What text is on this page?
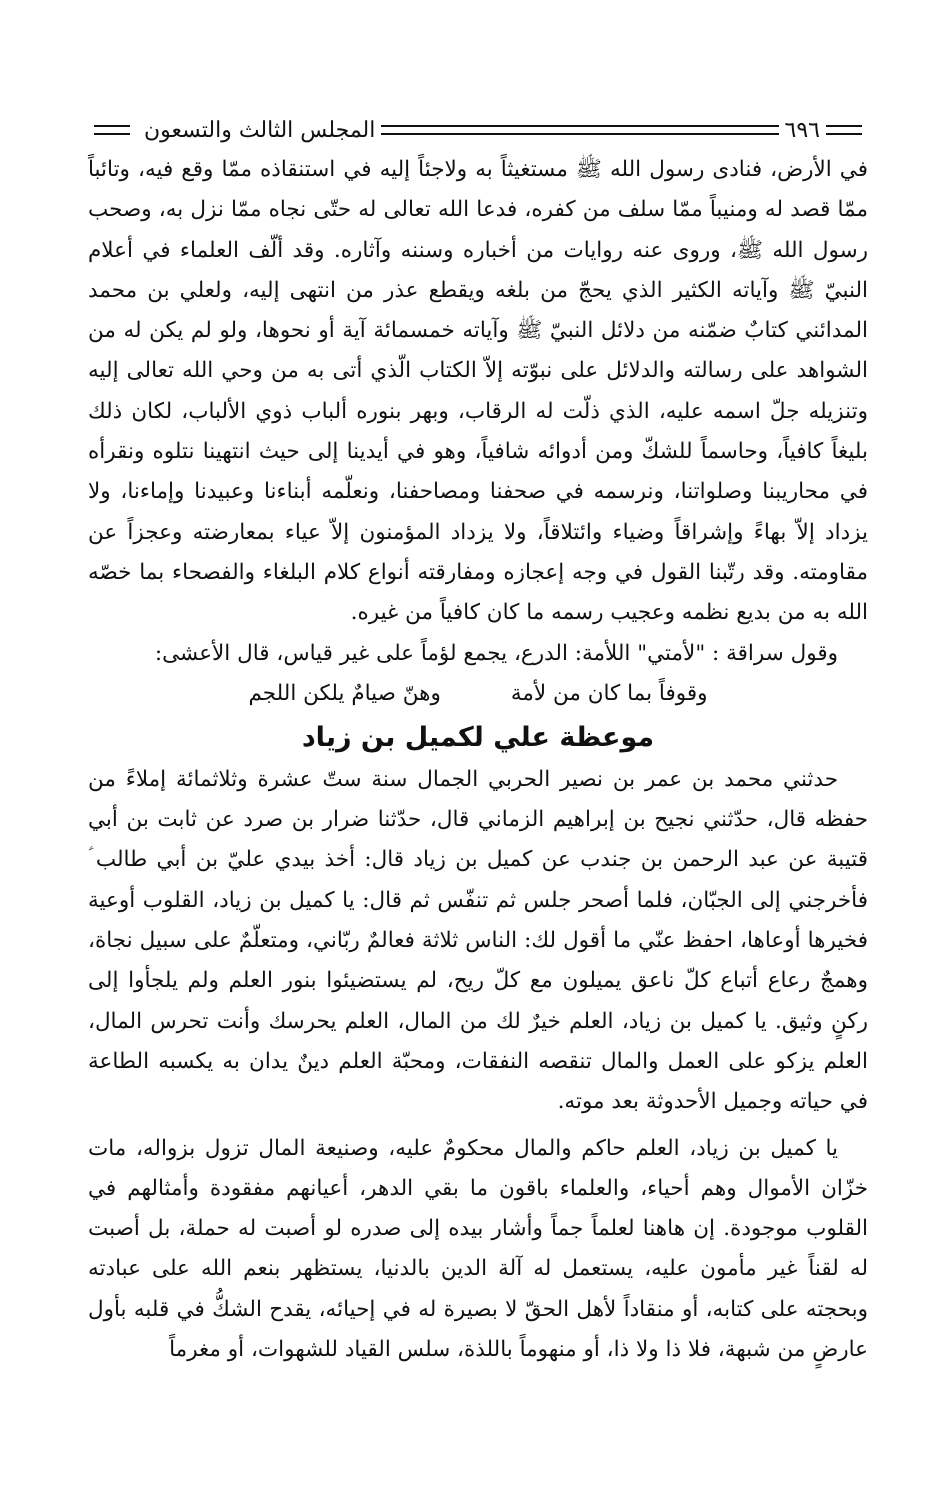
٦٩٦
المجلس الثالث والتسعون

في الأرض، فنادى رسول الله ﷺ مستغيثاً به ولاجئاً إليه في استنقاذه ممّا وقع فيه، وتائباً ممّا قصد له ومنيباً ممّا سلف من كفره، فدعا الله تعالى له حتّى نجاه ممّا نزل به، وصحب رسول الله ﷺ، وروى عنه روايات من أخباره وسننه وآثاره. وقد ألّف العلماء في أعلام النبيّ ﷺ وآياته الكثير الذي يحجّ من بلغه ويقطع عذر من انتهى إليه، ولعلي بن محمد المدائني كتابٌ ضمّنه من دلائل النبيّ ﷺ وآياته خمسمائة آية أو نحوها، ولو لم يكن له من الشواهد على رسالته والدلائل على نبوّته إلاّ الكتاب الّذي أتى به من وحي الله تعالى إليه وتنزيله جلّ اسمه عليه، الذي ذلّت له الرقاب، وبهر بنوره ألباب ذوي الألباب، لكان ذلك بليغاً كافياً، وحاسماً للشكّ ومن أدوائه شافياً، وهو في أيدينا إلى حيث انتهينا نتلوه ونقرأه في محاريبنا وصلواتنا، ونرسمه في صحفنا ومصاحفنا، ونعلّمه أبناءنا وعبيدنا وإماءنا، ولا يزداد إلاّ بهاءً وإشراقاً وضياء وائتلاقاً، ولا يزداد المؤمنون إلاّ عياء بمعارضته وعجزاً عن مقاومته. وقد رتّبنا القول في وجه إعجازه ومفارقته أنواع كلام البلغاء والفصحاء بما خصّه الله به من بديع نظمه وعجيب رسمه ما كان كافياً من غيره.

وقول سراقة : "لأمتي" اللأمة: الدرع، يجمع لؤماً على غير قياس، قال الأعشى:

وقوفاً بما كان من لأمة
وهنّ صيامٌ يلكن اللجم
موعظة علي لكميل بن زياد

حدثني محمد بن عمر بن نصير الحربي الجمال سنة ستّ عشرة وثلاثمائة إملاءً من حفظه قال، حدّثني نجيح بن إبراهيم الزماني قال، حدّثنا ضرار بن صرد عن ثابت بن أبي قتيبة عن عبد الرحمن بن جندب عن كميل بن زياد قال: أخذ بيدي عليّ بن أبي طالب ؑ فأخرجني إلى الجبّان، فلما أصحر جلس ثم تنفّس ثم قال: يا كميل بن زياد، القلوب أوعية فخيرها أوعاها، احفظ عنّي ما أقول لك: الناس ثلاثة فعالمٌ ربّاني، ومتعلّمٌ على سبيل نجاة، وهمجٌ رعاع أتباع كلّ ناعق يميلون مع كلّ ريح، لم يستضيئوا بنور العلم ولم يلجأوا إلى ركنٍ وثيق. يا كميل بن زياد، العلم خيرٌ لك من المال، العلم يحرسك وأنت تحرس المال، العلم يزكو على العمل والمال تنقصه النفقات، ومحبّة العلم دينٌ يدان به يكسبه الطاعة في حياته وجميل الأحدوثة بعد موته.

يا كميل بن زياد، العلم حاكم والمال محكومٌ عليه، وصنيعة المال تزول بزواله، مات خزّان الأموال وهم أحياء، والعلماء باقون ما بقي الدهر، أعيانهم مفقودة وأمثالهم في القلوب موجودة. إن هاهنا لعلماً جماً وأشار بيده إلى صدره لو أصبت له حملة، بل أصبت له لقناً غير مأمون عليه، يستعمل له آلة الدين بالدنيا، يستظهر بنعم الله على عبادته وبحجته على كتابه، أو منقاداً لأهل الحقّ لا بصيرة له في إحيائه، يقدح الشكُّ في قلبه بأول عارضٍ من شبهة، فلا ذا ولا ذا، أو منهوماً باللذة، سلس القياد للشهوات، أو مغرماً
